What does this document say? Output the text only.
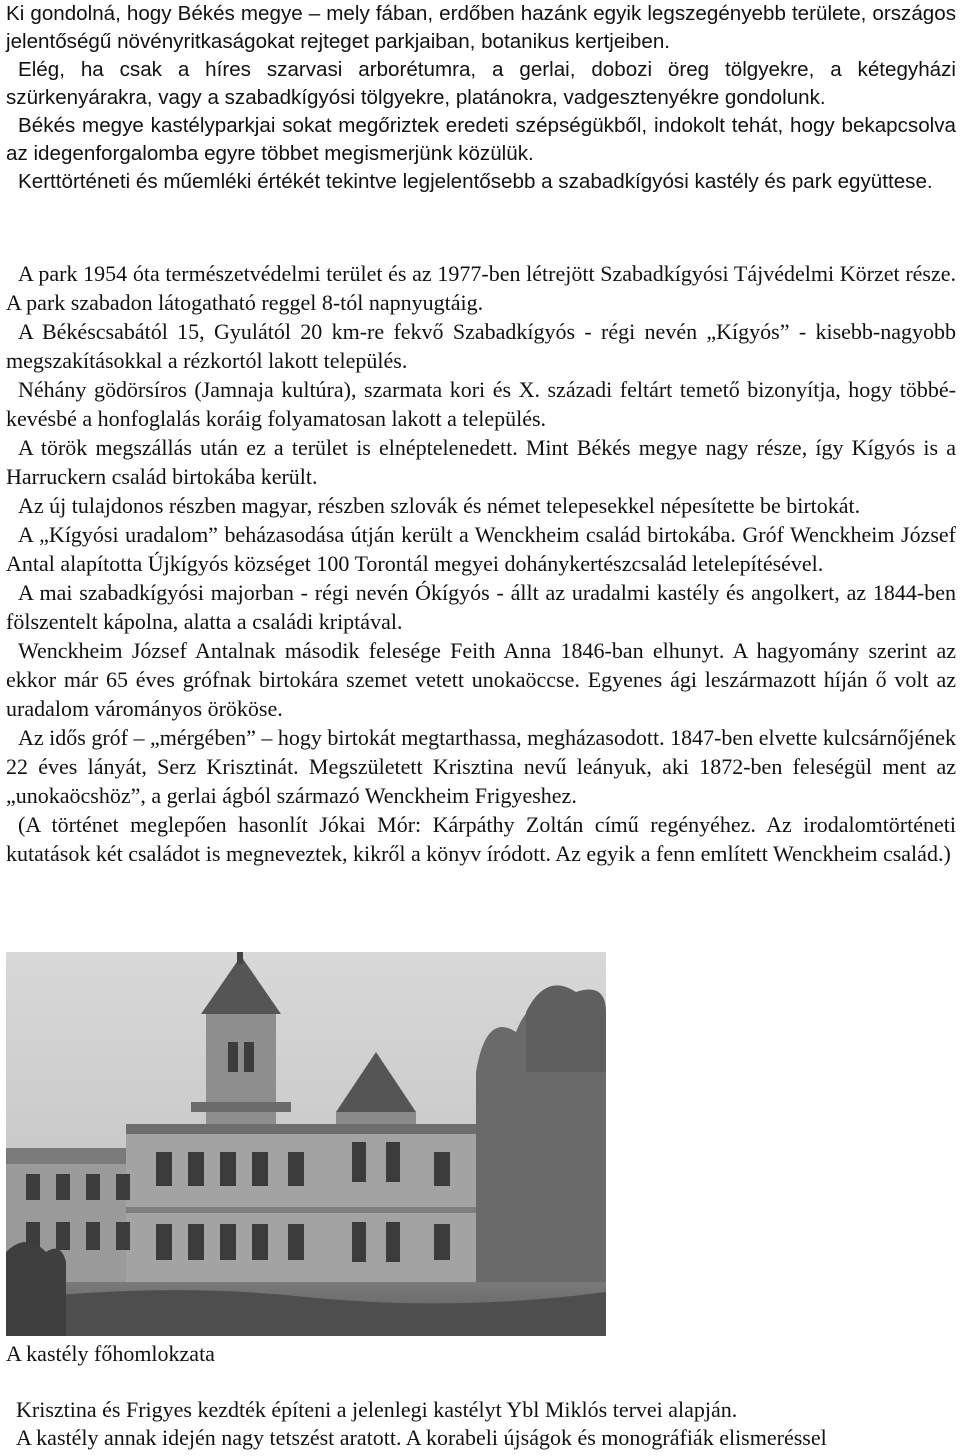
Ki gondolná, hogy Békés megye – mely fában, erdőben hazánk egyik legszegényebb területe, országos jelentőségű növényritkaságokat rejteget parkjaiban, botanikus kertjeiben.

Elég, ha csak a híres szarvasi arborétumra, a gerlai, dobozi öreg tölgyekre, a kétegyházi szürkenyárakra, vagy a szabadkígyósi tölgyekre, platánokra, vadgesztenyékre gondolunk.

Békés megye kastélyparkjai sokat megőriztek eredeti szépségükből, indokolt tehát, hogy bekapcsolva az idegenforgalomba egyre többet megismerjünk közülük.

Kerttörténeti és műemléki értékét tekintve legjelentősebb a szabadkígyósi kastély és park együttese.

A park 1954 óta természetvédelmi terület és az 1977-ben létrejött Szabadkígyósi Tájvédelmi Körzet része. A park szabadon látogatható reggel 8-tól napnyugtáig.

A Békéscsabától 15, Gyulától 20 km-re fekvő Szabadkígyós - régi nevén „Kígyós” - kisebb-nagyobb megszakításokkal a rézkortól lakott település.

Néhány gödörsíros (Jamnaja kultúra), szarmata kori és X. századi feltárt temető bizonyítja, hogy többé-kevésbé a honfoglalás koráig folyamatosan lakott a település.

A török megszállás után ez a terület is elnéptelenedett. Mint Békés megye nagy része, így Kígyós is a Harruckern család birtokába került.

Az új tulajdonos részben magyar, részben szlovák és német telepesekkel népesítette be birtokát.

A „Kígyósi uradalom” beházasodása útján került a Wenckheim család birtokába. Gróf Wenckheim József Antal alapította Újkígyós községet 100 Torontál megyei dohánykertészcsalád letelepítésével.

A mai szabadkígyósi majorban - régi nevén Ókígyós - állt az uradalmi kastély és angolkert, az 1844-ben fölszentelt kápolna, alatta a családi kriptával.

Wenckheim József Antalnak második felesége Feith Anna 1846-ban elhunyt. A hagyomány szerint az ekkor már 65 éves grófnak birtokára szemet vetett unokaöccse. Egyenes ági leszármazott híján ő volt az uradalom várományos örököse.

Az idős gróf – „mérgében” – hogy birtokát megtarthassa, megházasodott. 1847-ben elvette kulcsárnőjének 22 éves lányát, Serz Krisztinát. Megszületett Krisztina nevű leányuk, aki 1872-ben feleségül ment az „unokaöcshöz”, a gerlai ágból származó Wenckheim Frigyeshez.

(A történet meglepően hasonlít Jókai Mór: Kárpáthy Zoltán című regényéhez. Az irodalomtörténeti kutatások két családot is megneveztek, kikről a könyv íródott. Az egyik a fenn említett Wenckheim család.)

A kastély főhomlokzata

Krisztina és Frigyes kezdték építeni a jelenlegi kastélyt Ybl Miklós tervei alapján.

A kastély annak idején nagy tetszést aratott. A korabeli újságok és monográfiák elismeréssel
